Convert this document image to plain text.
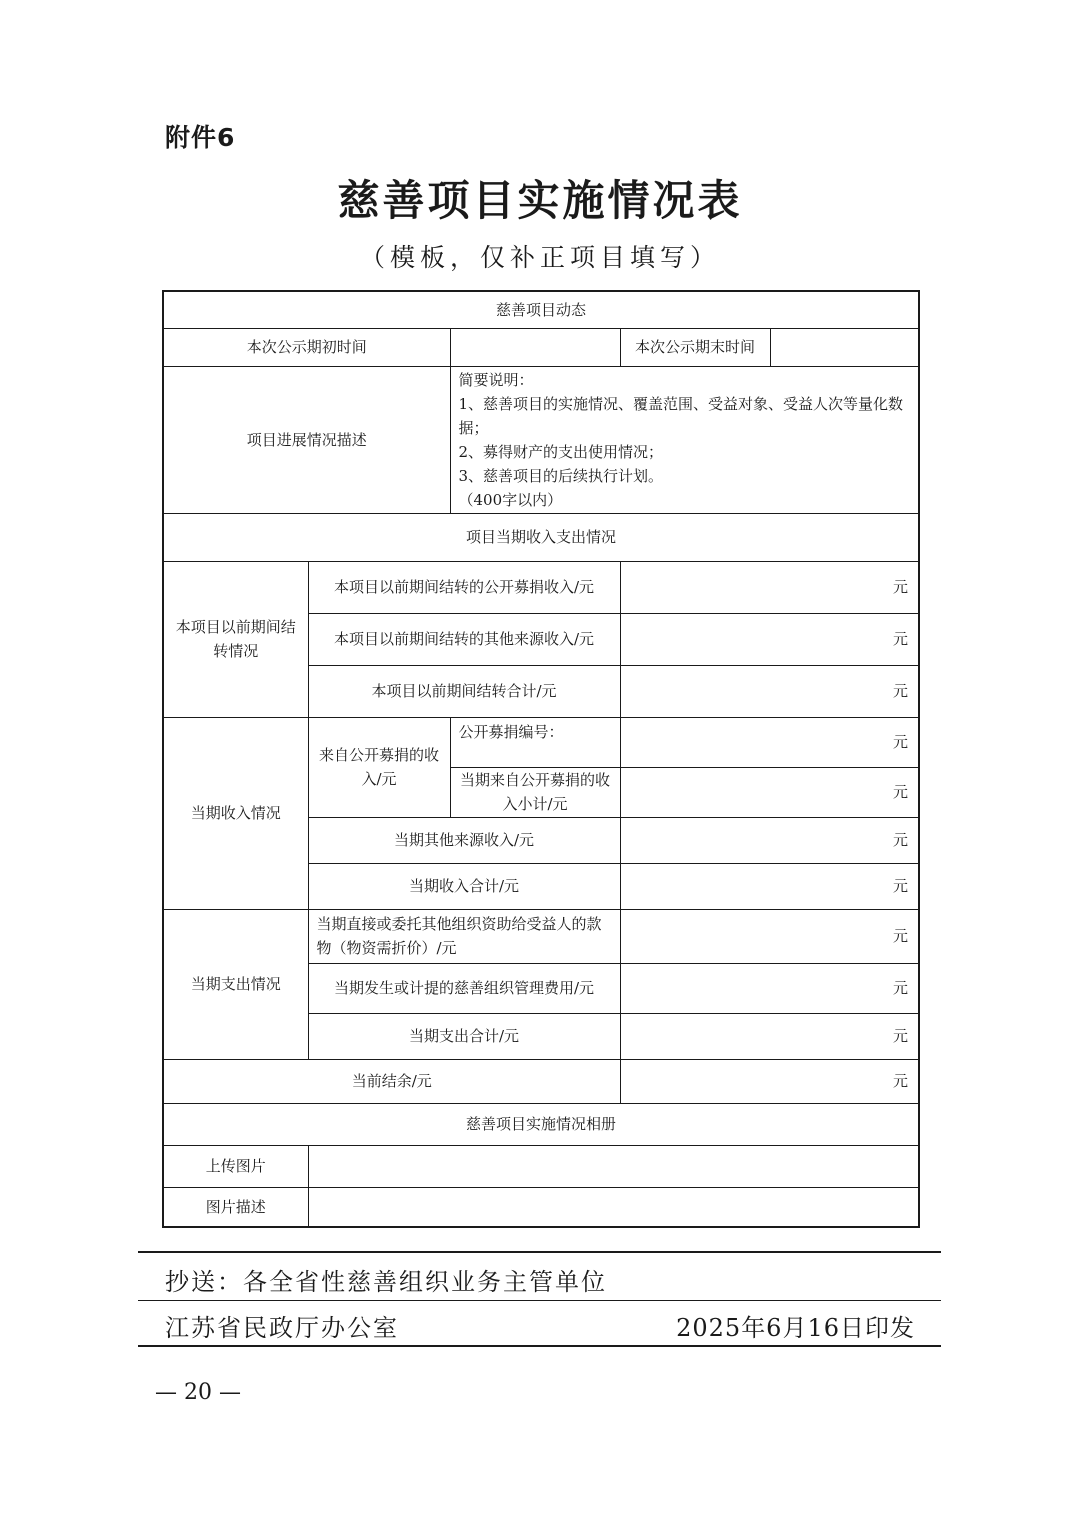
附件6
慈善项目实施情况表
（模板，仅补正项目填写）
慈善项目动态				
本次公示期初时间			本次公示期末时间	
项目进展情况描述		简要说明：

1、慈善项目的实施情况、覆盖范围、受益对象、受益人次等量化数据；

2、募得财产的支出使用情况；

3、慈善项目的后续执行计划。

（400字以内）		

项目当期收入支出情况				
本项目以前期间结转情况	本项目以前期间结转的公开募捐收入/元		元	
	本项目以前期间结转的其他来源收入/元		元	
	本项目以前期间结转合计/元		元	
当期收入情况	来自公开募捐的收入/元	公开募捐编号：	元	
		当期来自公开募捐的收入小计/元	元	
	当期其他来源收入/元		元	
	当期收入合计/元		元	
当期支出情况	当期直接或委托其他组织资助给受益人的款物（物资需折价）/元		元	
	当期发生或计提的慈善组织管理费用/元		元	
	当期支出合计/元		元	
当前结余/元			元	
慈善项目实施情况相册				
上传图片				
图片描述				
抄送：各全省性慈善组织业务主管单位
江苏省民政厅办公室	2025年6月16日印发
— 20 —
